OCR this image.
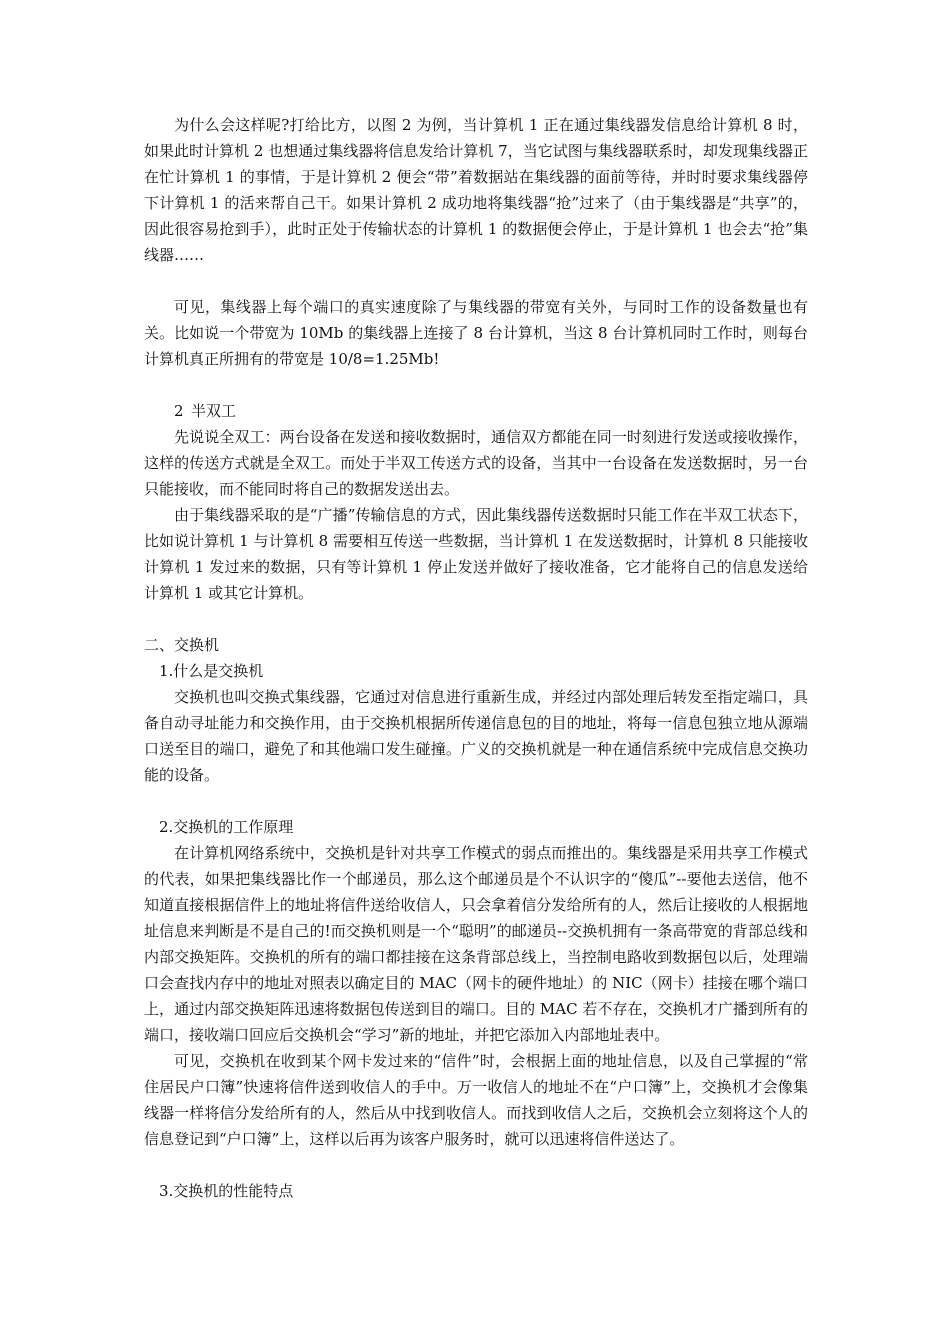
为什么会这样呢?打给比方，以图 2 为例，当计算机 1 正在通过集线器发信息给计算机 8 时，如果此时计算机 2 也想通过集线器将信息发给计算机 7，当它试图与集线器联系时，却发现集线器正在忙计算机 1 的事情，于是计算机 2 便会“带”着数据站在集线器的面前等待，并时时要求集线器停下计算机 1 的活来帮自己干。如果计算机 2 成功地将集线器“抢”过来了（由于集线器是“共享”的，因此很容易抢到手），此时正处于传输状态的计算机 1 的数据便会停止，于是计算机 1 也会去“抢”集线器……

可见，集线器上每个端口的真实速度除了与集线器的带宽有关外，与同时工作的设备数量也有关。比如说一个带宽为 10Mb 的集线器上连接了 8 台计算机，当这 8 台计算机同时工作时，则每台计算机真正所拥有的带宽是 10/8=1.25Mb!

2 半双工

先说说全双工：两台设备在发送和接收数据时，通信双方都能在同一时刻进行发送或接收操作，这样的传送方式就是全双工。而处于半双工传送方式的设备，当其中一台设备在发送数据时，另一台只能接收，而不能同时将自己的数据发送出去。

由于集线器采取的是“广播”传输信息的方式，因此集线器传送数据时只能工作在半双工状态下，比如说计算机 1 与计算机 8 需要相互传送一些数据，当计算机 1 在发送数据时，计算机 8 只能接收计算机 1 发过来的数据，只有等计算机 1 停止发送并做好了接收准备，它才能将自己的信息发送给计算机 1 或其它计算机。

二、交换机

1.什么是交换机

交换机也叫交换式集线器，它通过对信息进行重新生成，并经过内部处理后转发至指定端口，具备自动寻址能力和交换作用，由于交换机根据所传递信息包的目的地址，将每一信息包独立地从源端口送至目的端口，避免了和其他端口发生碰撞。广义的交换机就是一种在通信系统中完成信息交换功能的设备。

2.交换机的工作原理

在计算机网络系统中，交换机是针对共享工作模式的弱点而推出的。集线器是采用共享工作模式的代表，如果把集线器比作一个邮递员，那么这个邮递员是个不认识字的“傻瓜”--要他去送信，他不知道直接根据信件上的地址将信件送给收信人，只会拿着信分发给所有的人，然后让接收的人根据地址信息来判断是不是自己的!而交换机则是一个“聪明”的邮递员--交换机拥有一条高带宽的背部总线和内部交换矩阵。交换机的所有的端口都挂接在这条背部总线上，当控制电路收到数据包以后，处理端口会查找内存中的地址对照表以确定目的 MAC（网卡的硬件地址）的 NIC（网卡）挂接在哪个端口上，通过内部交换矩阵迅速将数据包传送到目的端口。目的 MAC 若不存在，交换机才广播到所有的端口，接收端口回应后交换机会“学习”新的地址，并把它添加入内部地址表中。

可见，交换机在收到某个网卡发过来的“信件”时，会根据上面的地址信息，以及自己掌握的“常住居民户口簿”快速将信件送到收信人的手中。万一收信人的地址不在“户口簿”上，交换机才会像集线器一样将信分发给所有的人，然后从中找到收信人。而找到收信人之后，交换机会立刻将这个人的信息登记到“户口簿”上，这样以后再为该客户服务时，就可以迅速将信件送达了。

3.交换机的性能特点
